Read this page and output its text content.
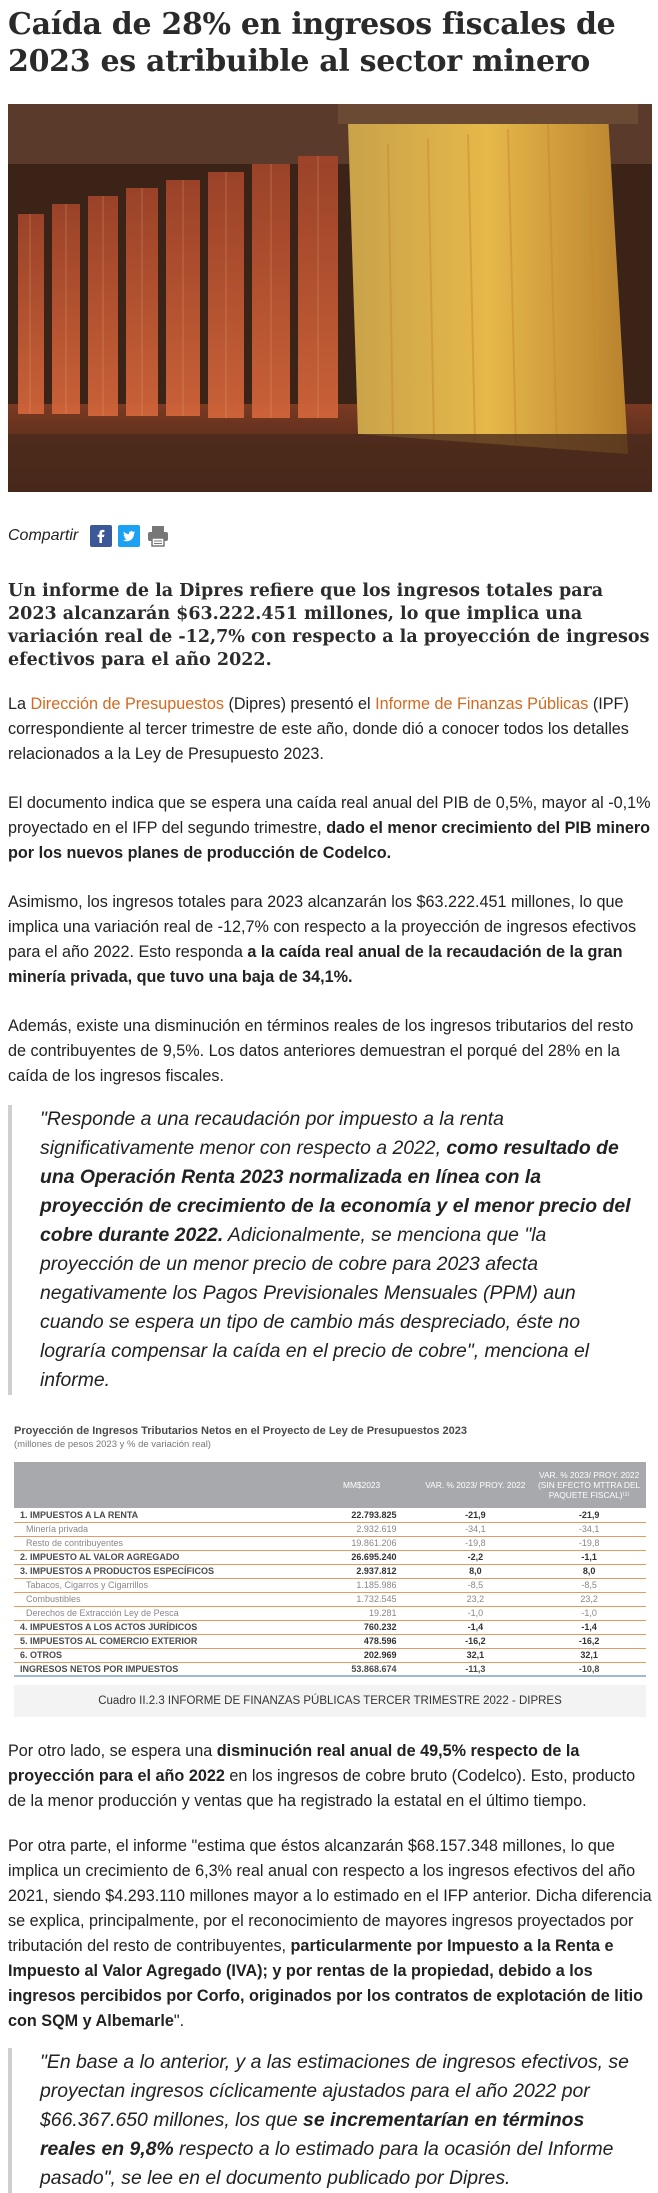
Caída de 28% en ingresos fiscales de 2023 es atribuible al sector minero
Compartir
Un informe de la Dipres refiere que los ingresos totales para 2023 alcanzarán $63.222.451 millones, lo que implica una variación real de -12,7% con respecto a la proyección de ingresos efectivos para el año 2022.

La Dirección de Presupuestos (Dipres) presentó el Informe de Finanzas Públicas (IPF) correspondiente al tercer trimestre de este año, donde dió a conocer todos los detalles relacionados a la Ley de Presupuesto 2023.

El documento indica que se espera una caída real anual del PIB de 0,5%, mayor al -0,1% proyectado en el IFP del segundo trimestre, dado el menor crecimiento del PIB minero por los nuevos planes de producción de Codelco.

Asimismo, los ingresos totales para 2023 alcanzarán los $63.222.451 millones, lo que implica una variación real de -12,7% con respecto a la proyección de ingresos efectivos para el año 2022. Esto responda a la caída real anual de la recaudación de la gran minería privada, que tuvo una baja de 34,1%.

Además, existe una disminución en términos reales de los ingresos tributarios del resto de contribuyentes de 9,5%. Los datos anteriores demuestran el porqué del 28% en la caída de los ingresos fiscales.

"Responde a una recaudación por impuesto a la renta significativamente menor con respecto a 2022, como resultado de una Operación Renta 2023 normalizada en línea con la proyección de crecimiento de la economía y el menor precio del cobre durante 2022. Adicionalmente, se menciona que "la proyección de un menor precio de cobre para 2023 afecta negativamente los Pagos Previsionales Mensuales (PPM) aun cuando se espera un tipo de cambio más despreciado, éste no lograría compensar la caída en el precio de cobre", menciona el informe.
Proyección de Ingresos Tributarios Netos en el Proyecto de Ley de Presupuestos 2023
(millones de pesos 2023 y % de variación real)
	MM$2023	VAR. % 2023/ PROY. 2022	VAR. % 2023/ PROY. 2022 (SIN EFECTO MTTRA DEL PAQUETE FISCAL)⁽¹⁾
1. IMPUESTOS A LA RENTA	22.793.825	-21,9	-21,9
Minería privada	2.932.619	-34,1	-34,1
Resto de contribuyentes	19.861.206	-19,8	-19,8
2. IMPUESTO AL VALOR AGREGADO	26.695.240	-2,2	-1,1
3. IMPUESTOS A PRODUCTOS ESPECÍFICOS	2.937.812	8,0	8,0
Tabacos, Cigarros y Cigarrillos	1.185.986	-8,5	-8,5
Combustibles	1.732.545	23,2	23,2
Derechos de Extracción Ley de Pesca	19.281	-1,0	-1,0
4. IMPUESTOS A LOS ACTOS JURÍDICOS	760.232	-1,4	-1,4
5. IMPUESTOS AL COMERCIO EXTERIOR	478.596	-16,2	-16,2
6. OTROS	202.969	32,1	32,1
INGRESOS NETOS POR IMPUESTOS	53.868.674	-11,3	-10,8
Cuadro II.2.3 INFORME DE FINANZAS PÚBLICAS TERCER TRIMESTRE 2022 - DIPRES

Por otro lado, se espera una disminución real anual de 49,5% respecto de la proyección para el año 2022 en los ingresos de cobre bruto (Codelco). Esto, producto de la menor producción y ventas que ha registrado la estatal en el último tiempo.

Por otra parte, el informe "estima que éstos alcanzarán $68.157.348 millones, lo que implica un crecimiento de 6,3% real anual con respecto a los ingresos efectivos del año 2021, siendo $4.293.110 millones mayor a lo estimado en el IFP anterior. Dicha diferencia se explica, principalmente, por el reconocimiento de mayores ingresos proyectados por tributación del resto de contribuyentes, particularmente por Impuesto a la Renta e Impuesto al Valor Agregado (IVA); y por rentas de la propiedad, debido a los ingresos percibidos por Corfo, originados por los contratos de explotación de litio con SQM y Albemarle".

"En base a lo anterior, y a las estimaciones de ingresos efectivos, se proyectan ingresos cíclicamente ajustados para el año 2022 por $66.367.650 millones, los que se incrementarían en términos reales en 9,8% respecto a lo estimado para la ocasión del Informe pasado", se lee en el documento publicado por Dipres.
